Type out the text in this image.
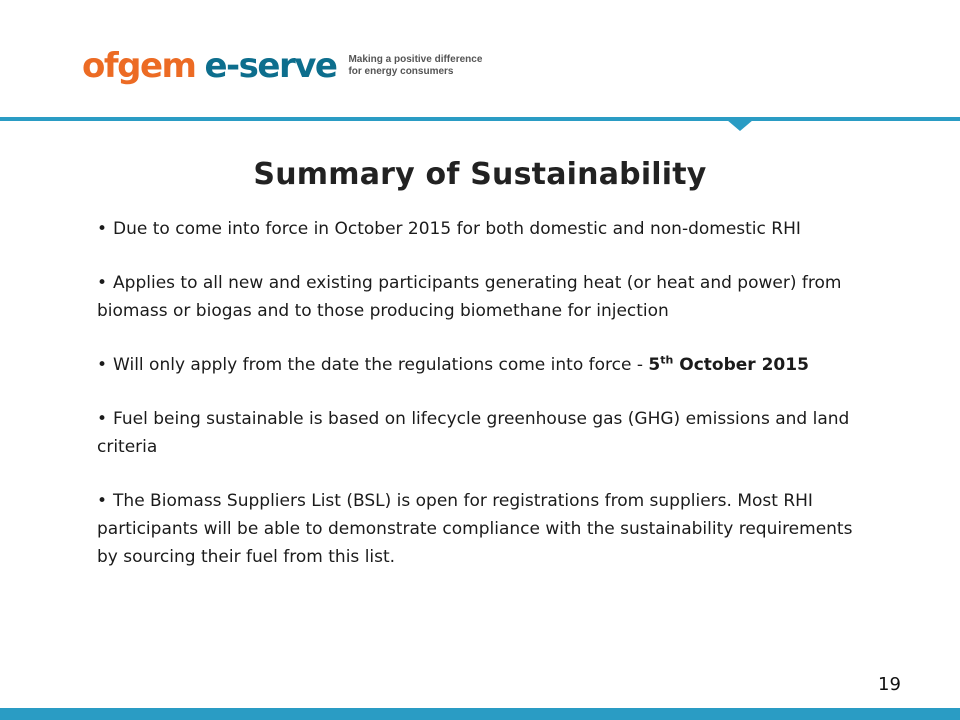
ofgem e-serve Making a positive difference
for energy consumers
Summary of Sustainability
• Due to come into force in October 2015 for both domestic and non-domestic RHI
• Applies to all new and existing participants generating heat (or heat and power) from biomass or biogas and to those producing biomethane for injection
• Will only apply from the date the regulations come into force - 5th October 2015
• Fuel being sustainable is based on lifecycle greenhouse gas (GHG) emissions and land criteria
• The Biomass Suppliers List (BSL) is open for registrations from suppliers. Most RHI participants will be able to demonstrate compliance with the sustainability requirements by sourcing their fuel from this list.
19
